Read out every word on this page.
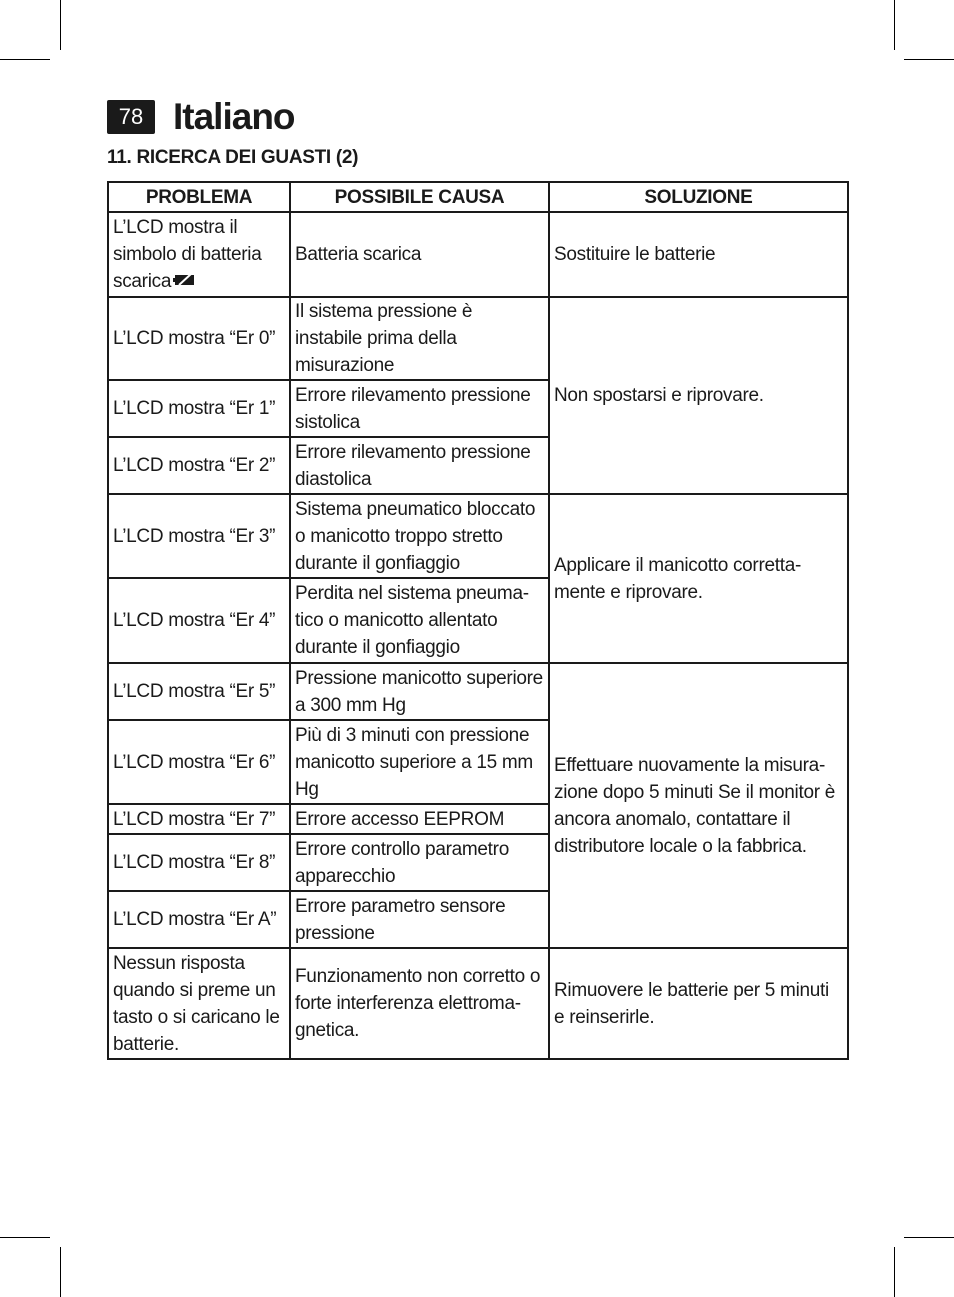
78 Italiano
11. RICERCA DEI GUASTI (2)
PROBLEMA	POSSIBILE CAUSA	SOLUZIONE
L’LCD mostra il simbolo di batteria scarica	Batteria scarica	Sostituire le batterie
L’LCD mostra “Er 0”	Il sistema pressione è instabile prima della misurazione	Non spostarsi e riprovare.
L’LCD mostra “Er 1”	Errore rilevamento pressione sistolica	
L’LCD mostra “Er 2”	Errore rilevamento pressione diastolica	
L’LCD mostra “Er 3”	Sistema pneumatico bloccato o manicotto troppo stretto durante il gonfiaggio	Applicare il manicotto corretta-mente e riprovare.
L’LCD mostra “Er 4”	Perdita nel sistema pneuma-tico o manicotto allentato durante il gonfiaggio	
L’LCD mostra “Er 5”	Pressione manicotto superiore a 300 mm Hg	Effettuare nuovamente la misura-zione dopo 5 minuti Se il monitor è ancora anomalo, contattare il distributore locale o la fabbrica.
L’LCD mostra “Er 6”	Più di 3 minuti con pressione manicotto superiore a 15 mm Hg	
L’LCD mostra “Er 7”	Errore accesso EEPROM	
L’LCD mostra “Er 8”	Errore controllo parametro apparecchio	
L’LCD mostra “Er A”	Errore parametro sensore pressione	
Nessun risposta quando si preme un tasto o si caricano le batterie.	Funzionamento non corretto o forte interferenza elettroma-gnetica.	Rimuovere le batterie per 5 minuti e reinserirle.
